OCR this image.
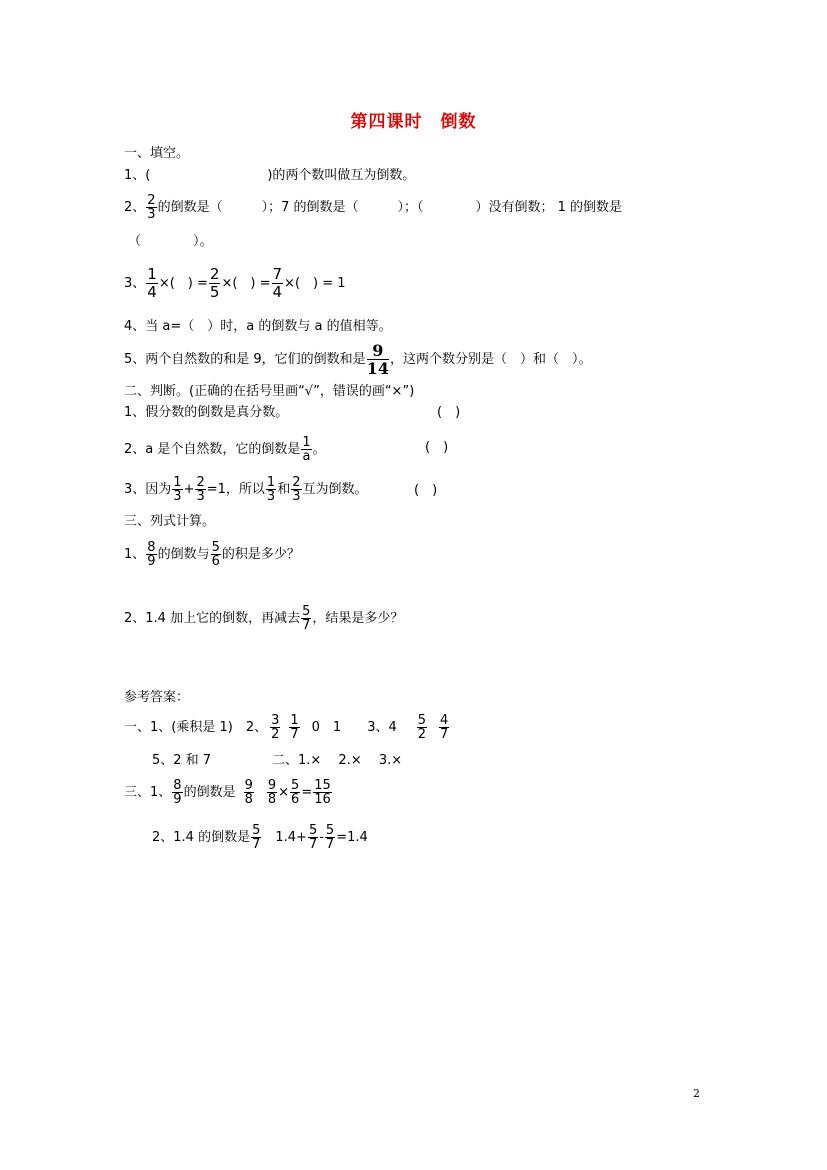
第四课时　倒数
一、填空。
1、(　　　　　　　　　)的两个数叫做互为倒数。
2、 $\frac{2}{3}$ 的倒数是（　　　）；7 的倒数是（　　　）；（　　　　）没有倒数； 1 的倒数是
（　　　　）。
3、 $\frac{1}{4}$ ×(　) = $\frac{2}{5}$ ×(　) = $\frac{7}{4}$ ×(　) = 1
4、当 a=（　）时，a 的倒数与 a 的值相等。
5、两个自然数的和是 9，它们的倒数和是 $\frac{9}{14}$ ，这两个数分别是（　）和（　）。
二、判断。(正确的在括号里画“√”，错误的画“×”)
1、假分数的倒数是真分数。	(　)
2、a 是个自然数，它的倒数是 $\frac{1}{a}$ 。	(　)
3、因为 $\frac{1}{3} + \frac{2}{3} =1$，所以 $\frac{1}{3}$ 和 $\frac{2}{3}$ 互为倒数。	(　)
三、列式计算。
1、 $\frac{8}{9}$ 的倒数与 $\frac{5}{6}$ 的积是多少？
2、1.4 加上它的倒数，再减去 $\frac{5}{7}$ ，结果是多少？
参考答案：
一、1、(乘积是 1)　2、 $\frac{3}{2} \frac{1}{7} 0$　1　　3、$4 \frac{5}{2} \frac{4}{7}$
5、2 和 7	二、1.×　 2.×　 3.×
三、1、 $\frac{8}{9}$ 的倒数是 $\frac{9}{8} \frac{9}{8} \times \frac{5}{6} = \frac{15}{16}$
2、1.4 的倒数是 $\frac{5}{7} 1.4+ \frac{5}{7} - \frac{5}{7} =1.4$
2
